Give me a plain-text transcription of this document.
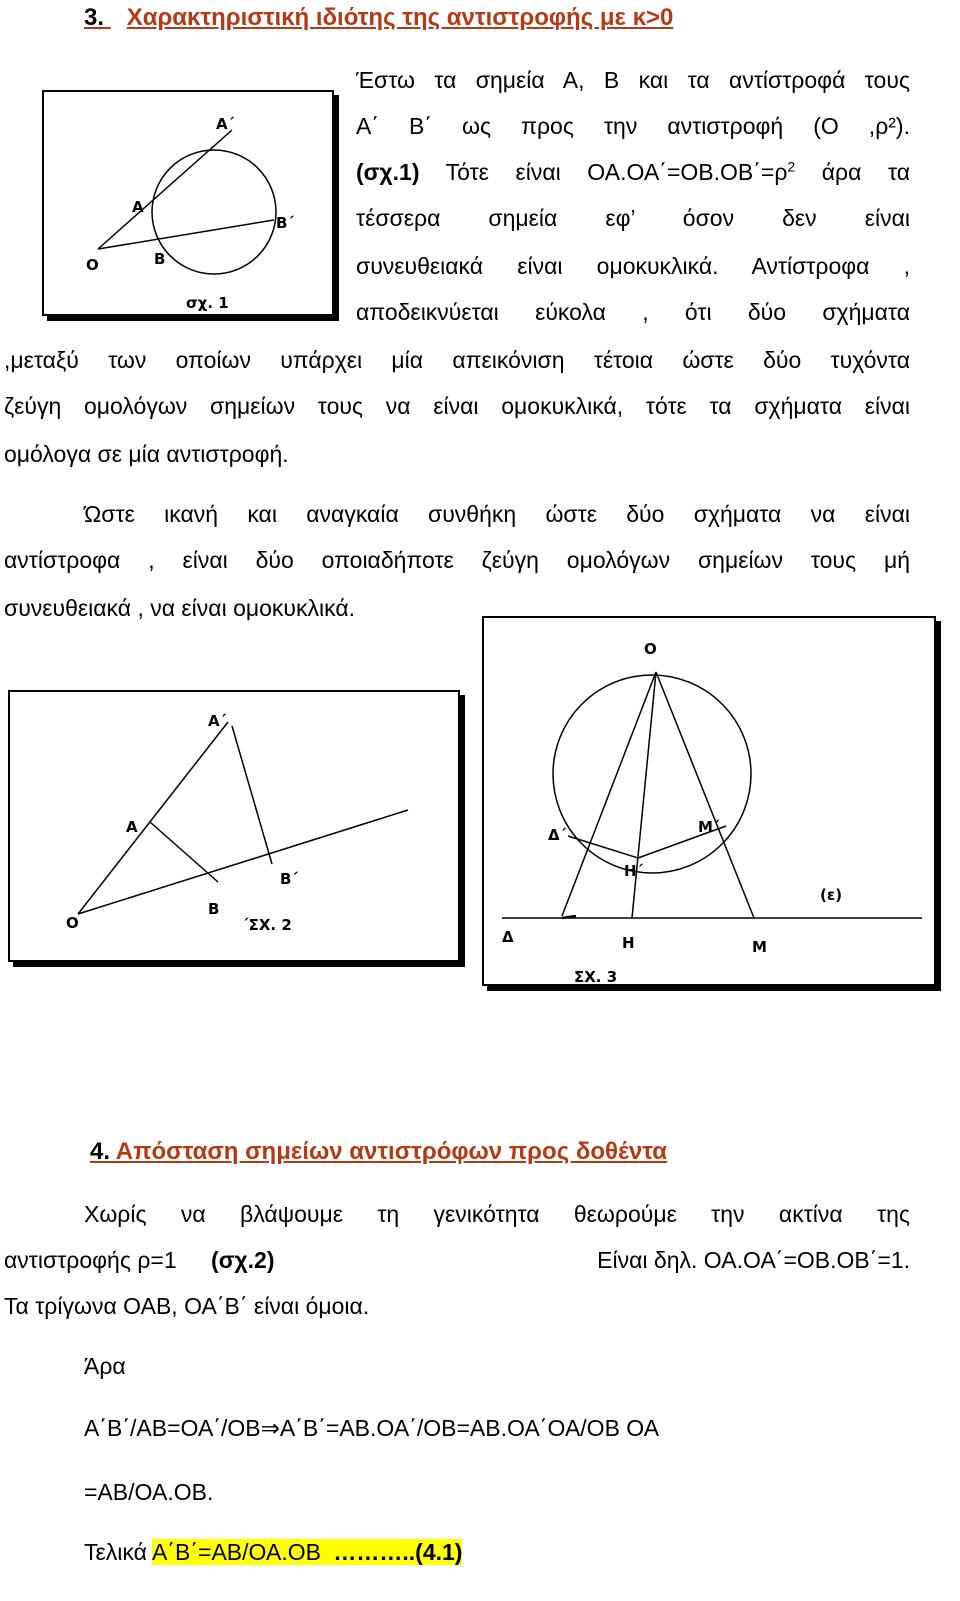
3. Χαρακτηριστική ιδιότης της αντιστροφής με κ>0
Α΄
Α
Β΄
Ο	Β
σχ. 1
Έστω τα σημεία Α, Β και τα αντίστροφά τους
Α΄ Β΄ ως προς την αντιστροφή (Ο ,ρ²).
(σχ.1) Τότε είναι $OA.OA΄=OB.OB΄=\rho^2$ άρα τα
τέσσερα σημεία εφ’ όσον δεν είναι
συνευθειακά είναι ομοκυκλικά. Αντίστροφα ,
αποδεικνύεται εύκολα , ότι δύο σχήματα
,μεταξύ των οποίων υπάρχει μία απεικόνιση τέτοια ώστε δύο τυχόντα
ζεύγη ομολόγων σημείων τους να είναι ομοκυκλικά, τότε τα σχήματα είναι
ομόλογα σε μία αντιστροφή.
Ώστε ικανή και αναγκαία συνθήκη ώστε δύο σχήματα να είναι
αντίστροφα , είναι δύο οποιαδήποτε ζεύγη ομολόγων σημείων τους μή
συνευθειακά , να είναι ομοκυκλικά.
Α΄
Α
Β΄
Ο
Β
΄ΣΧ. 2
Ο
Δ΄	Μ΄
Η΄
(ε)
Δ	Η	Μ
ΣΧ. 3
4. Απόσταση σημείων αντιστρόφων προς δοθέντα
Χωρίς να βλάψουμε τη γενικότητα θεωρούμε την ακτίνα της
αντιστροφής ρ=1 (σχ.2)	Είναι δηλ. ΟΑ.ΟΑ΄=ΟΒ.ΟΒ΄=1.
Τα τρίγωνα ΟΑΒ, ΟΑ΄Β΄ είναι όμοια.
Άρα
Α΄Β΄/ΑΒ=ΟΑ΄/ΟΒ⇒Α΄Β΄=ΑΒ.ΟΑ΄/ΟΒ=ΑΒ.ΟΑ΄ΟΑ/ΟΒ ΟΑ
=ΑΒ/ΟΑ.ΟΒ.
Τελικά Α΄Β΄=ΑΒ/ΟΑ.ΟΒ ………..(4.1)
